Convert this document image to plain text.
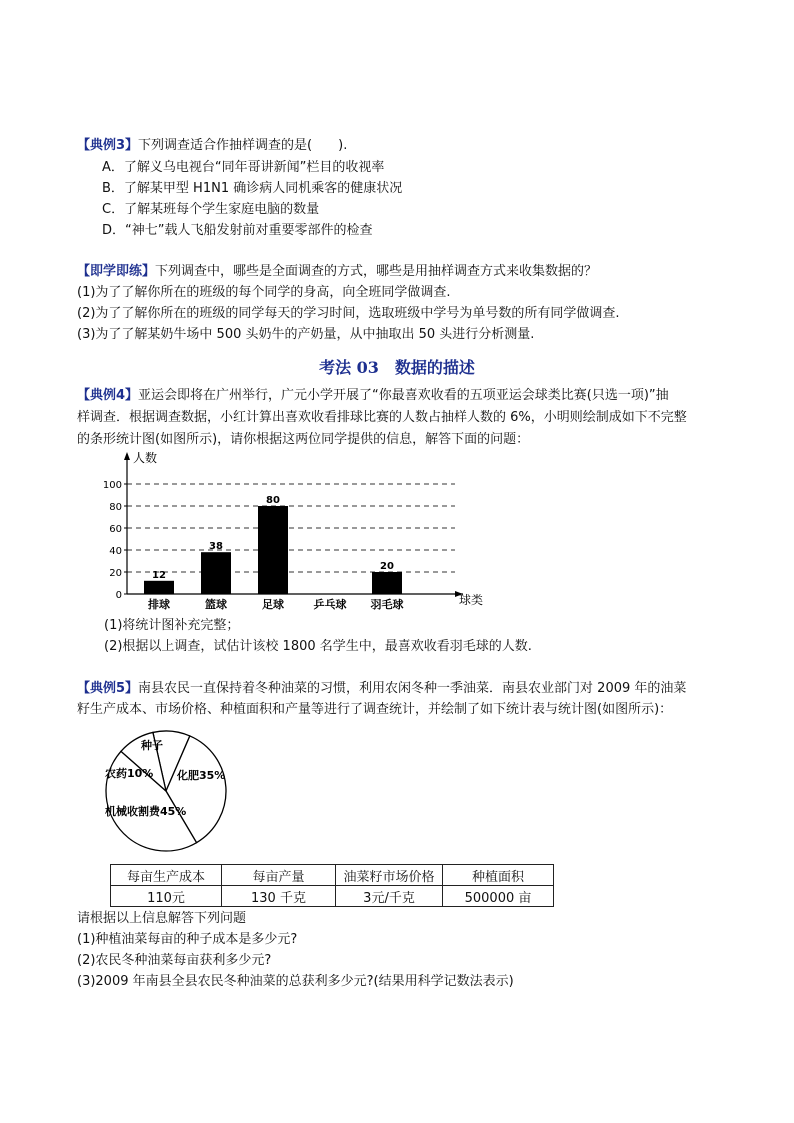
【典例3】下列调查适合作抽样调查的是(　　).
A．了解义乌电视台“同年哥讲新闻”栏目的收视率
B．了解某甲型 H1N1 确诊病人同机乘客的健康状况
C．了解某班每个学生家庭电脑的数量
D．“神七”载人飞船发射前对重要零部件的检查
【即学即练】下列调查中，哪些是全面调查的方式，哪些是用抽样调查方式来收集数据的？
(1)为了了解你所在的班级的每个同学的身高，向全班同学做调查.
(2)为了了解你所在的班级的同学每天的学习时间，选取班级中学号为单号数的所有同学做调查.
(3)为了了解某奶牛场中 500 头奶牛的产奶量，从中抽取出 50 头进行分析测量.
考法 03　数据的描述
【典例4】亚运会即将在广州举行，广元小学开展了“你最喜欢收看的五项亚运会球类比赛(只选一项)”抽
样调查．根据调查数据，小红计算出喜欢收看排球比赛的人数占抽样人数的 6%，小明则绘制成如下不完整
的条形统计图(如图所示)，请你根据这两位同学提供的信息，解答下面的问题：
0
20
40
60
80
100
12
38
80
20
排球	篮球	足球	乒乓球 羽毛球
人数
球类
(1)将统计图补充完整；
(2)根据以上调查，试估计该校 1800 名学生中，最喜欢收看羽毛球的人数.
【典例5】南县农民一直保持着冬种油菜的习惯，利用农闲冬种一季油菜．南县农业部门对 2009 年的油菜
籽生产成本、市场价格、种植面积和产量等进行了调查统计，并绘制了如下统计表与统计图(如图所示)：
种子
化肥35%
机械收割费45%
农药10%
每亩生产成本	每亩产量	油菜籽市场价格	种植面积
110元	130 千克	3元/千克	500000 亩
请根据以上信息解答下列问题
(1)种植油菜每亩的种子成本是多少元?
(2)农民冬种油菜每亩获利多少元?
(3)2009 年南县全县农民冬种油菜的总获利多少元?(结果用科学记数法表示)
